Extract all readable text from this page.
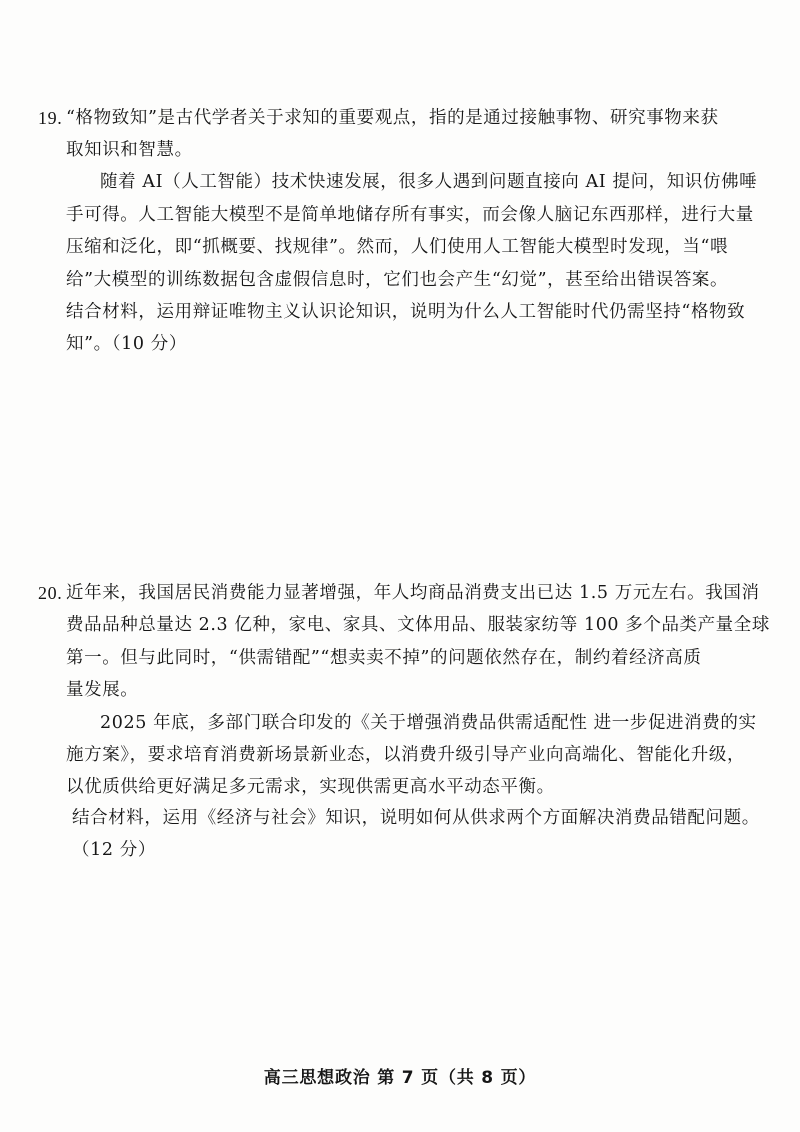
19. “格物致知”是古代学者关于求知的重要观点，指的是通过接触事物、研究事物来获
取知识和智慧。
随着 AI（人工智能）技术快速发展，很多人遇到问题直接向 AI 提问，知识仿佛唾
手可得。人工智能大模型不是简单地储存所有事实，而会像人脑记东西那样，进行大量
压缩和泛化，即“抓概要、找规律”。然而，人们使用人工智能大模型时发现，当“喂
给”大模型的训练数据包含虚假信息时，它们也会产生“幻觉”，甚至给出错误答案。
结合材料，运用辩证唯物主义认识论知识，说明为什么人工智能时代仍需坚持“格物致
知”。（10 分）
20. 近年来，我国居民消费能力显著增强，年人均商品消费支出已达 1.5 万元左右。我国消
费品品种总量达 2.3 亿种，家电、家具、文体用品、服装家纺等 100 多个品类产量全球
第一。但与此同时，“供需错配”“想卖卖不掉”的问题依然存在，制约着经济高质
量发展。
2025 年底，多部门联合印发的《关于增强消费品供需适配性 进一步促进消费的实
施方案》，要求培育消费新场景新业态，以消费升级引导产业向高端化、智能化升级，
以优质供给更好满足多元需求，实现供需更高水平动态平衡。
结合材料，运用《经济与社会》知识，说明如何从供求两个方面解决消费品错配问题。
（12 分）
高三思想政治 第 7 页（共 8 页）
